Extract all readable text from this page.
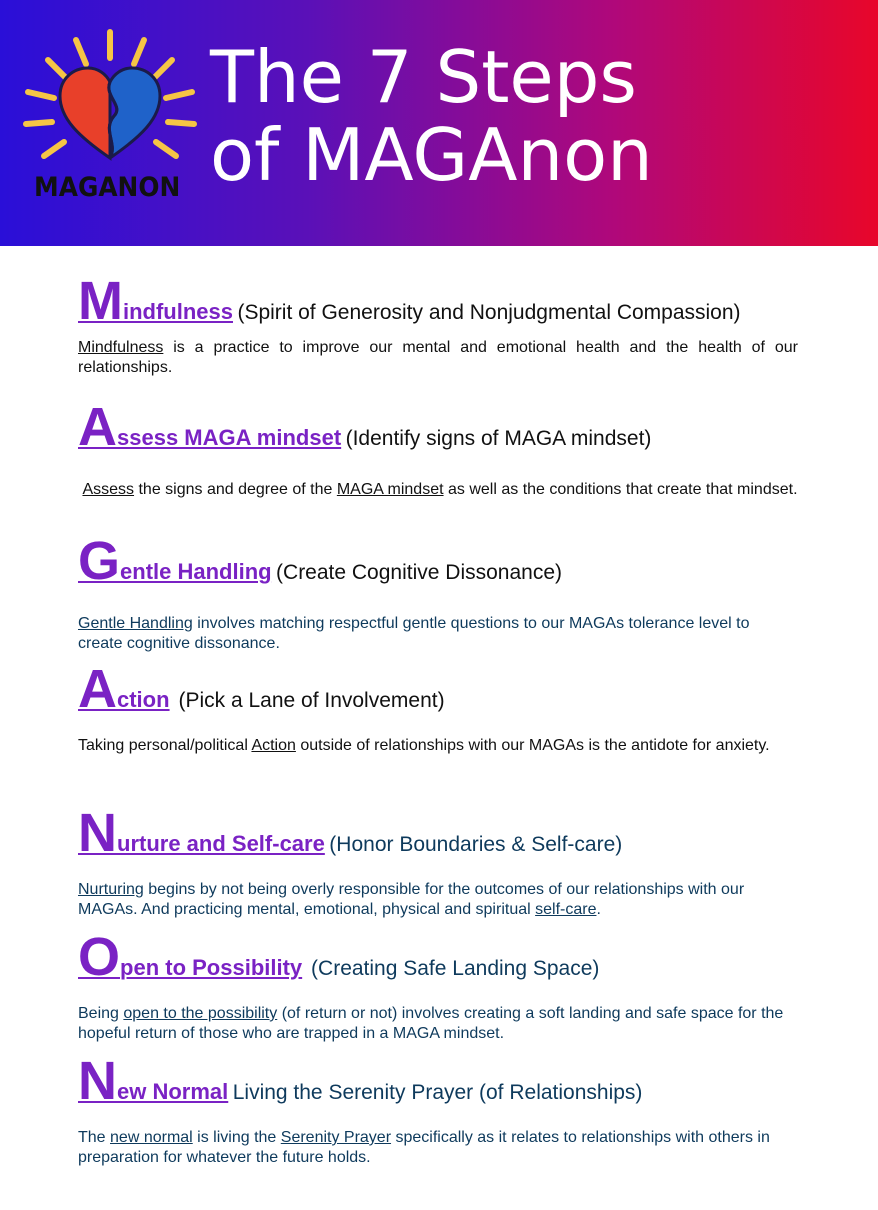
MAGANON
The 7 Steps
of MAGAnon
Mindfulness (Spirit of Generosity and Nonjudgmental Compassion)
Mindfulness is a practice to improve our mental and emotional health and the health of our relationships.
Assess MAGA mindset (Identify signs of MAGA mindset)
Assess the signs and degree of the MAGA mindset as well as the conditions that create that mindset.
Gentle Handling (Create Cognitive Dissonance)
Gentle Handling involves matching respectful gentle questions to our MAGAs tolerance level to create cognitive dissonance.
Action (Pick a Lane of Involvement)
Taking personal/political Action outside of relationships with our MAGAs is the antidote for anxiety.
Nurture and Self-care (Honor Boundaries & Self-care)
Nurturing begins by not being overly responsible for the outcomes of our relationships with our MAGAs. And practicing mental, emotional, physical and spiritual self-care.
Open to Possibility (Creating Safe Landing Space)
Being open to the possibility (of return or not) involves creating a soft landing and safe space for the hopeful return of those who are trapped in a MAGA mindset.
New Normal Living the Serenity Prayer (of Relationships)
The new normal is living the Serenity Prayer specifically as it relates to relationships with others in preparation for whatever the future holds.
